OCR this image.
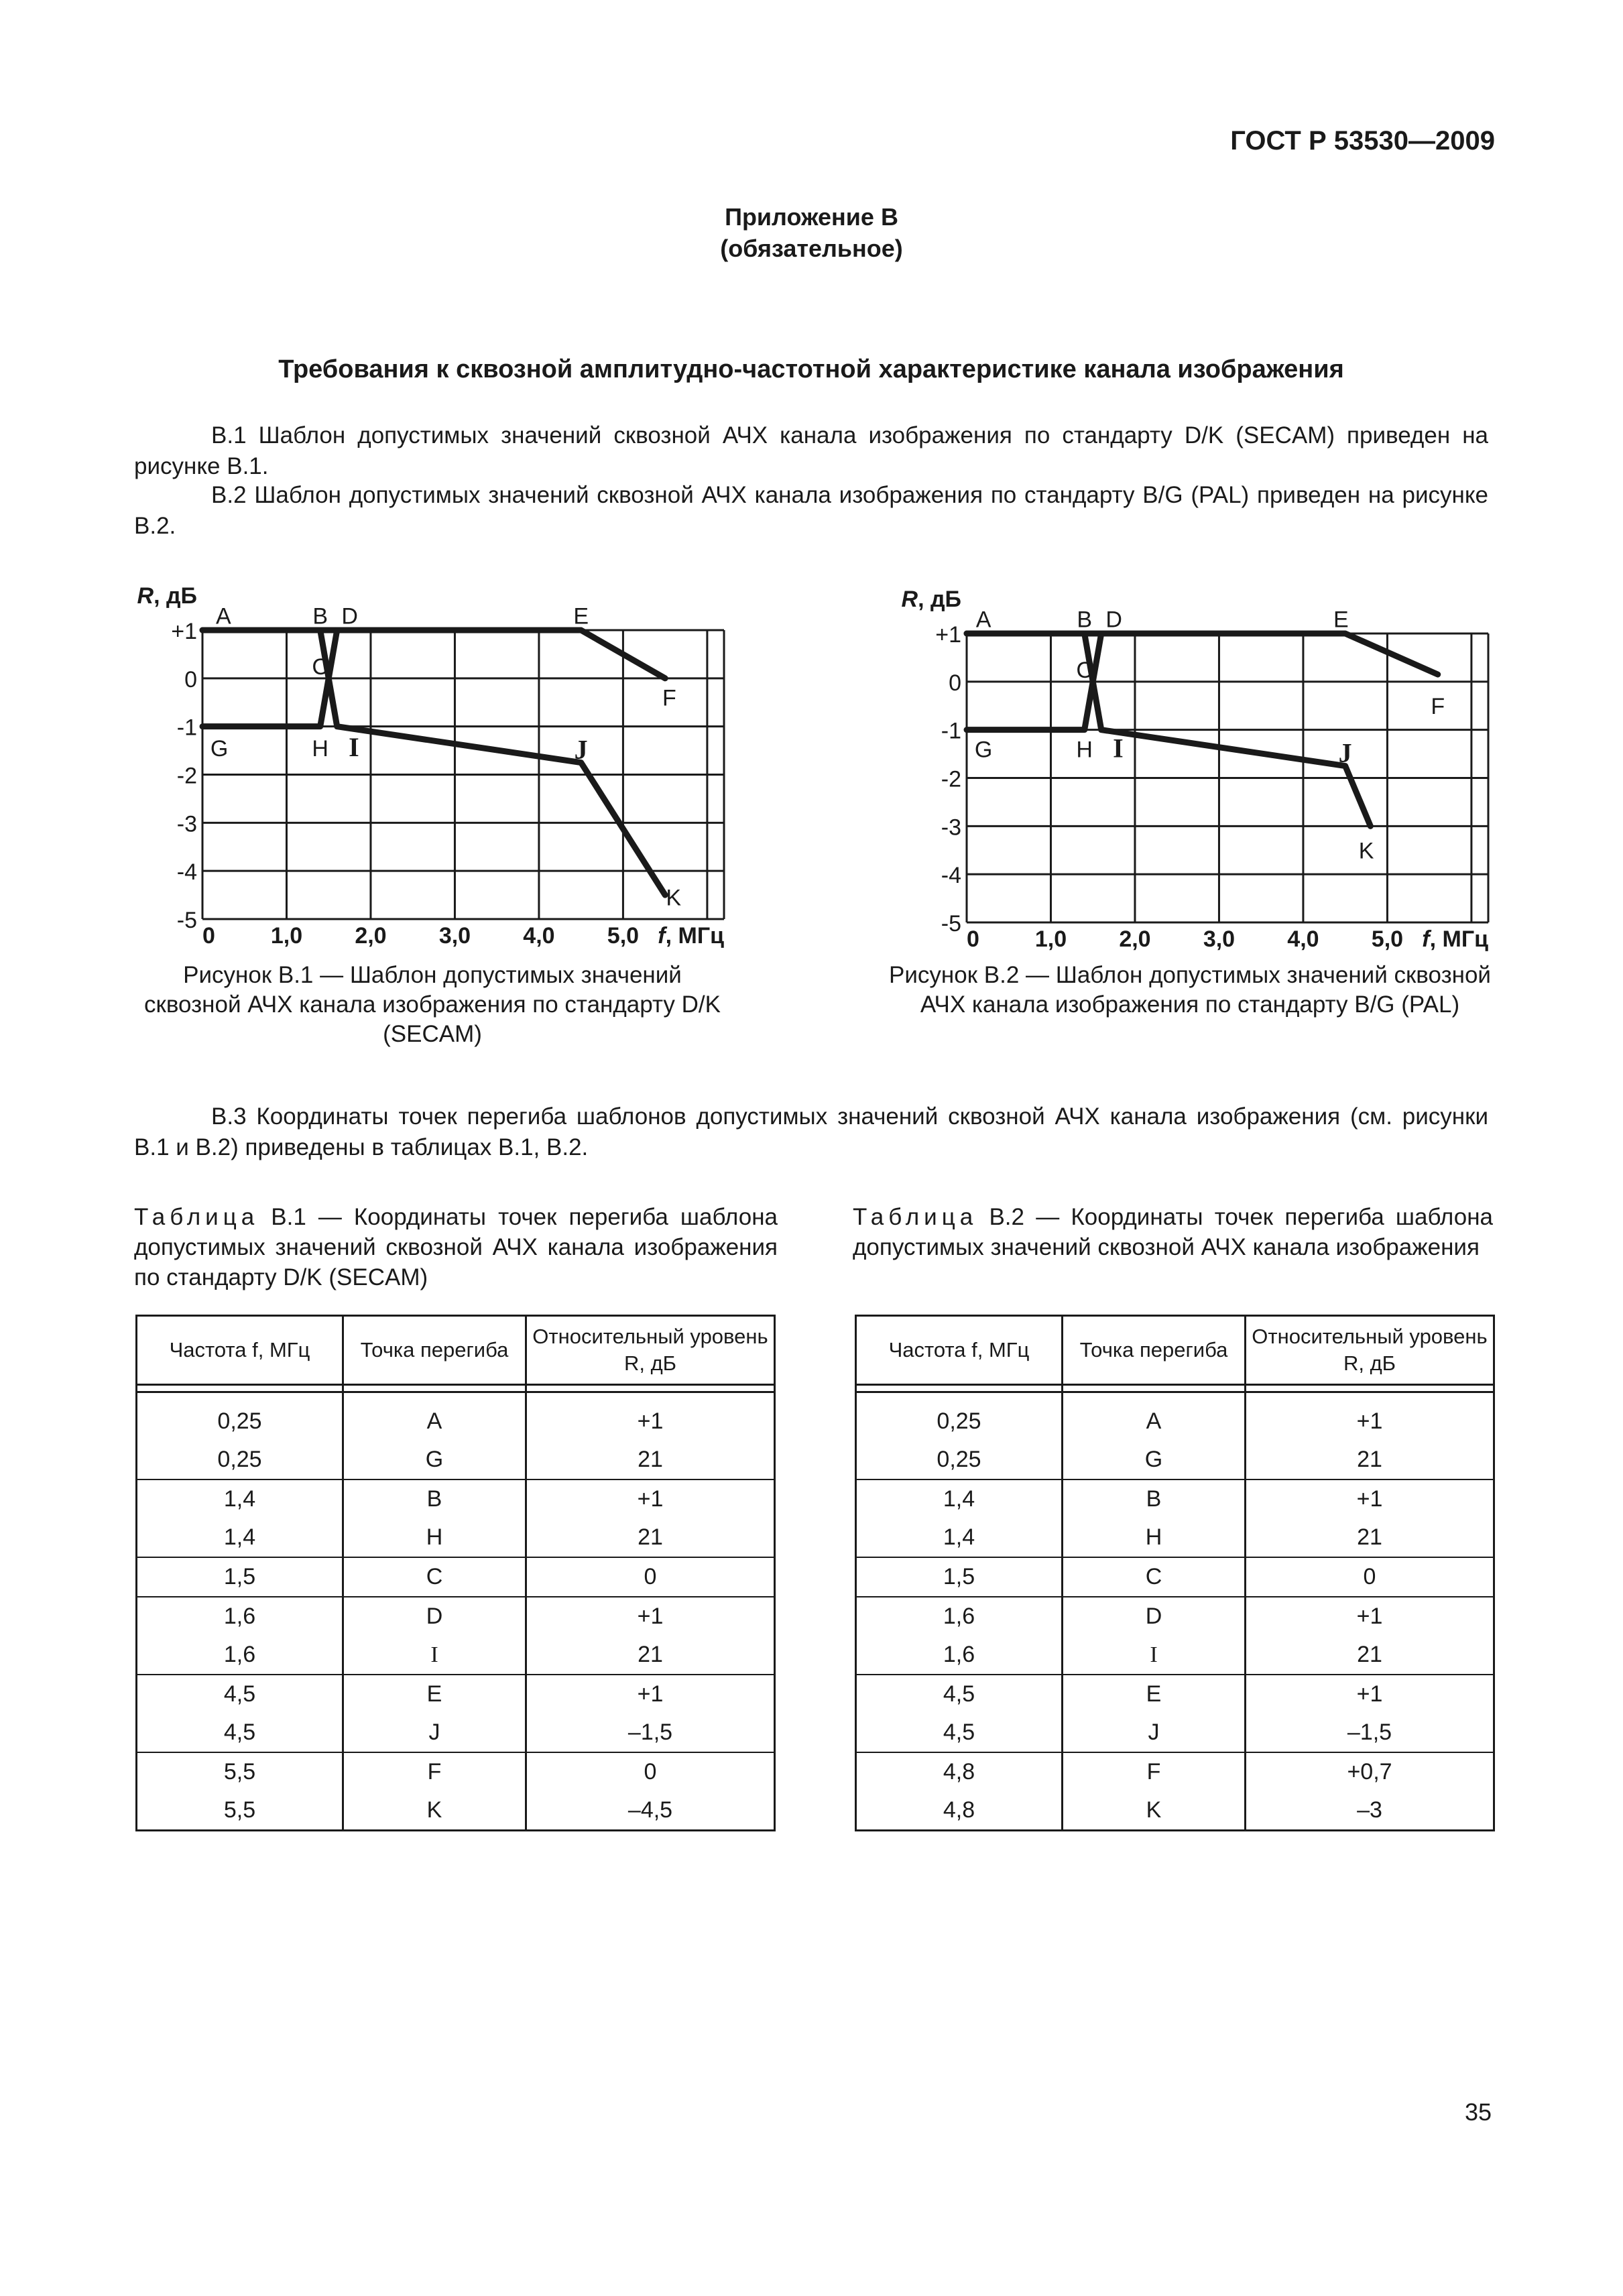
ГОСТ Р 53530—2009
Приложение В
(обязательное)
Требования к сквозной амплитудно-частотной характеристике канала изображения
В.1 Шаблон допустимых значений сквозной АЧХ канала изображения по стандарту D/K (SECAM) приведен на рисунке В.1.
В.2 Шаблон допустимых значений сквозной АЧХ канала изображения по стандарту В/G (PAL) приведен на рисунке В.2.
+1
0
-1
-2
-3
-4
-5
0 1,0 2,0 3,0 4,0 5,0
R, дБ
f, МГц
A	B D	E
C
F
G	H I	J
K
Рисунок В.1 — Шаблон допустимых значений сквозной АЧХ канала изображения по стандарту D/K (SECAM)
+1
0
-1
-2
-3
-4
-5
0 1,0 2,0 3,0 4,0 5,0
R, дБ
f, МГц
A	B D	E
C
F
G	H I	J
K
Рисунок В.2 — Шаблон допустимых значений сквозной АЧХ канала изображения по стандарту B/G (PAL)
В.3 Координаты точек перегиба шаблонов допустимых значений сквозной АЧХ канала изображения (см. рисунки В.1 и В.2) приведены в таблицах В.1, В.2.
Таблица В.1 — Координаты точек перегиба шаблона допустимых значений сквозной АЧХ канала изображения по стандарту D/K (SECAM)
Таблица В.2 — Координаты точек перегиба шаблона допустимых значений сквозной АЧХ канала изображения
Частота f, МГц	Точка перегиба	Относительный уровень R, дБ

0,25	A	+1
0,25	G	21
1,4	B	+1
1,4	H	21
1,5	C	0
1,6	D	+1
1,6	I	21
4,5	E	+1
4,5	J	–1,5
5,5	F	0
5,5	K	–4,5
Частота f, МГц	Точка перегиба	Относительный уровень R, дБ

0,25	A	+1
0,25	G	21
1,4	B	+1
1,4	H	21
1,5	C	0
1,6	D	+1
1,6	I	21
4,5	E	+1
4,5	J	–1,5
4,8	F	+0,7
4,8	K	–3
35
